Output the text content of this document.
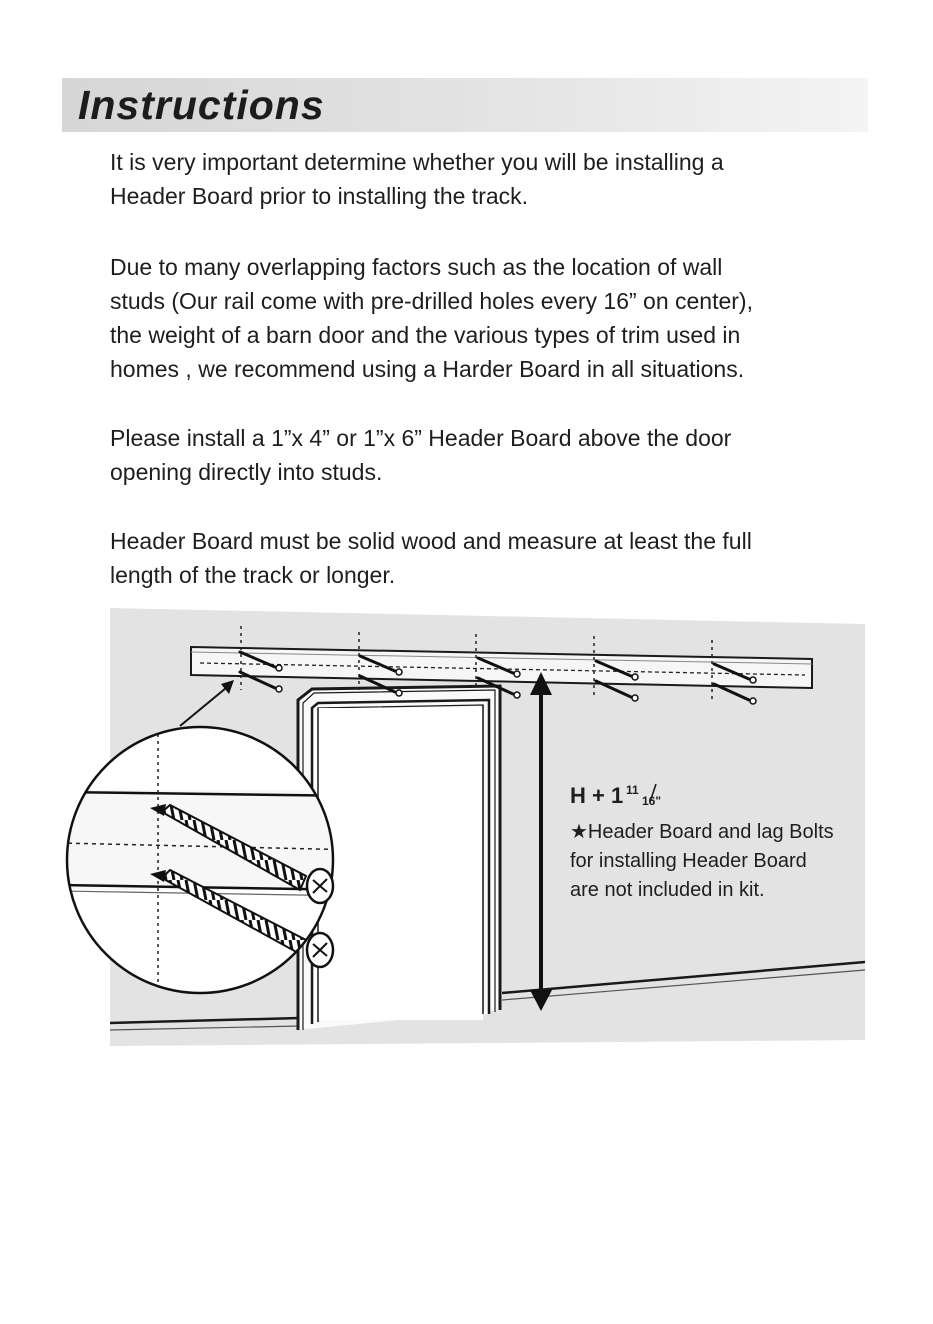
Instructions
It is very important determine whether you will be installing a
Header Board prior to installing the track.
Due to many overlapping factors such as the location of wall
studs (Our rail come with pre-drilled holes every 16” on center),
the weight of a barn door and the various types of trim used in
homes , we recommend using a Harder Board in all situations.
Please install a 1”x 4” or 1”x 6” Header Board above the door
opening directly into studs.
Header Board must be solid wood and measure at least the full
length of the track or longer.
H + 1 11
16"
★Header Board and lag Bolts
for installing Header Board
are not included in kit.
